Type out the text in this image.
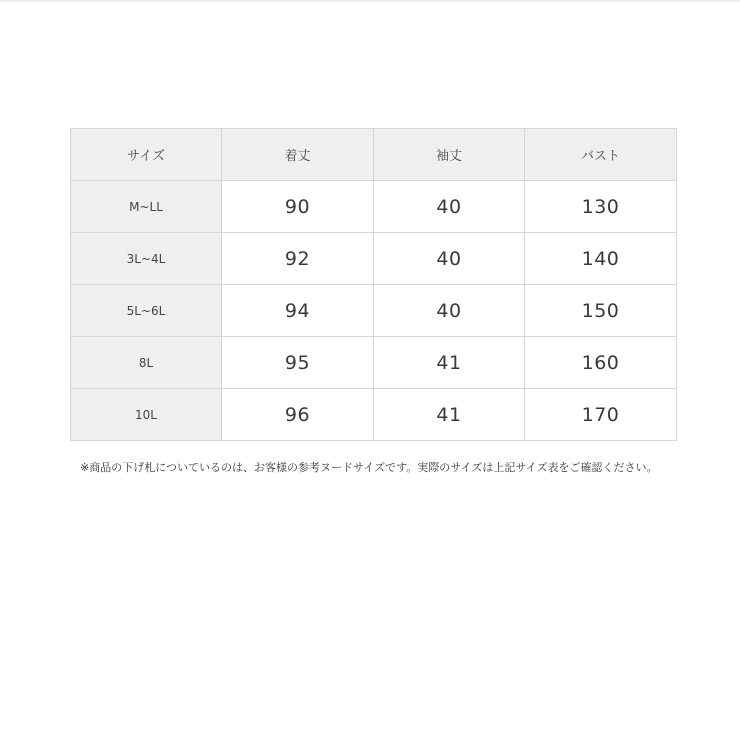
サイズ	着丈	袖丈	バスト
M~LL	90	40	130
3L~4L	92	40	140
5L~6L	94	40	150
8L	95	41	160
10L	96	41	170
※商品の下げ札についているのは、お客様の参考ヌードサイズです。実際のサイズは上記サイズ表をご確認ください。
